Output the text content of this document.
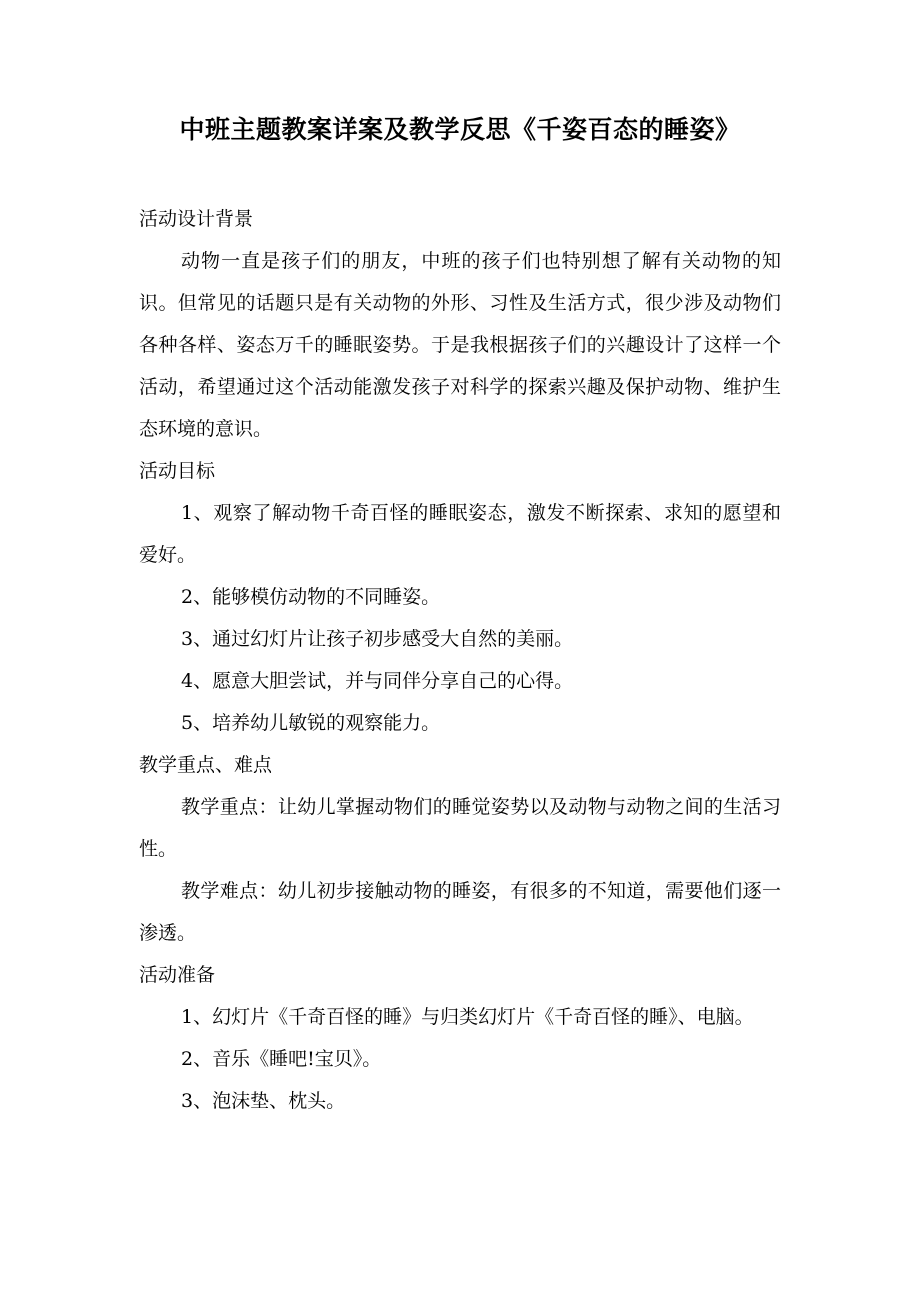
中班主题教案详案及教学反思《千姿百态的睡姿》
活动设计背景
动物一直是孩子们的朋友，中班的孩子们也特别想了解有关动物的知识。但常见的话题只是有关动物的外形、习性及生活方式，很少涉及动物们各种各样、姿态万千的睡眠姿势。于是我根据孩子们的兴趣设计了这样一个活动，希望通过这个活动能激发孩子对科学的探索兴趣及保护动物、维护生态环境的意识。
活动目标
1、观察了解动物千奇百怪的睡眠姿态，激发不断探索、求知的愿望和爱好。
2、能够模仿动物的不同睡姿。
3、通过幻灯片让孩子初步感受大自然的美丽。
4、愿意大胆尝试，并与同伴分享自己的心得。
5、培养幼儿敏锐的观察能力。
教学重点、难点
教学重点：让幼儿掌握动物们的睡觉姿势以及动物与动物之间的生活习性。
教学难点：幼儿初步接触动物的睡姿，有很多的不知道，需要他们逐一渗透。
活动准备
1、幻灯片《千奇百怪的睡》与归类幻灯片《千奇百怪的睡》、电脑。
2、音乐《睡吧!宝贝》。
3、泡沫垫、枕头。
